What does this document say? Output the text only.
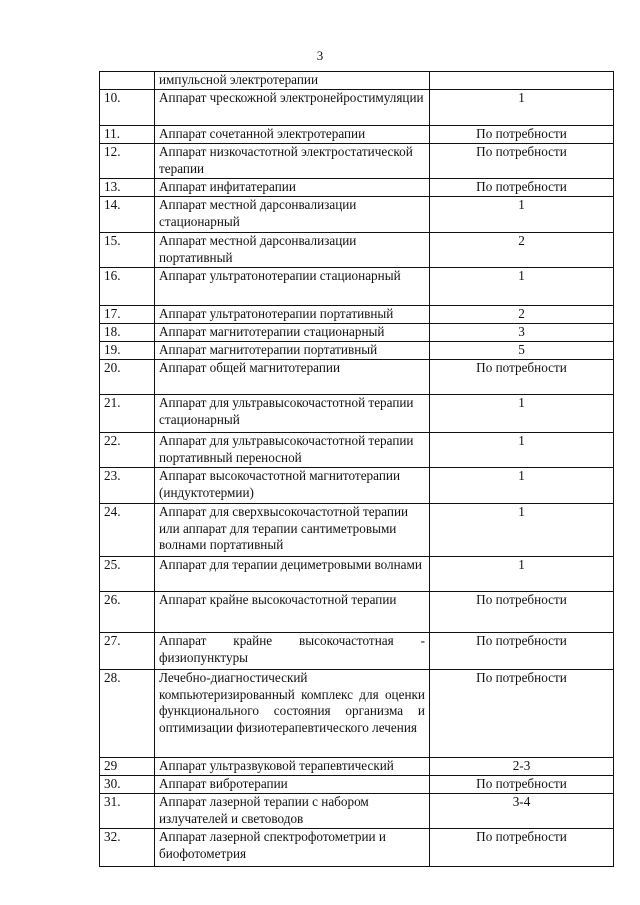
3
	импульсной электротерапии	
10.	Аппарат чрескожной электронейростимуляции	1
11.	Аппарат сочетанной электротерапии	По потребности
12.	Аппарат низкочастотной электростатической терапии	По потребности
13.	Аппарат инфитатерапии	По потребности
14.	Аппарат местной дарсонвализации стационарный	1
15.	Аппарат местной дарсонвализации портативный	2
16.	Аппарат ультратонотерапии стационарный	1
17.	Аппарат ультратонотерапии портативный	2
18.	Аппарат магнитотерапии стационарный	3
19.	Аппарат магнитотерапии портативный	5
20.	Аппарат общей магнитотерапии	По потребности
21.	Аппарат для ультравысокочастотной терапии стационарный	1
22.	Аппарат для ультравысокочастотной терапии портативный переносной	1
23.	Аппарат высокочастотной магнитотерапии (индуктотермии)	1
24.	Аппарат для сверхвысокочастотной терапии или аппарат для терапии сантиметровыми волнами портативный	1
25.	Аппарат для терапии дециметровыми волнами	1
26.	Аппарат крайне высокочастотной терапии	По потребности
27.	Аппарат крайне высокочастотная - физиопунктуры	По потребности
28.	Лечебно-диагностический компьютеризированный комплекс для оценки функционального состояния организма и оптимизации физиотерапевтического лечения	По потребности
29	Аппарат ультразвуковой терапевтический	2-3
30.	Аппарат вибротерапии	По потребности
31.	Аппарат лазерной терапии с набором излучателей и световодов	3-4
32.	Аппарат лазерной спектрофотометрии и биофотометрия	По потребности
